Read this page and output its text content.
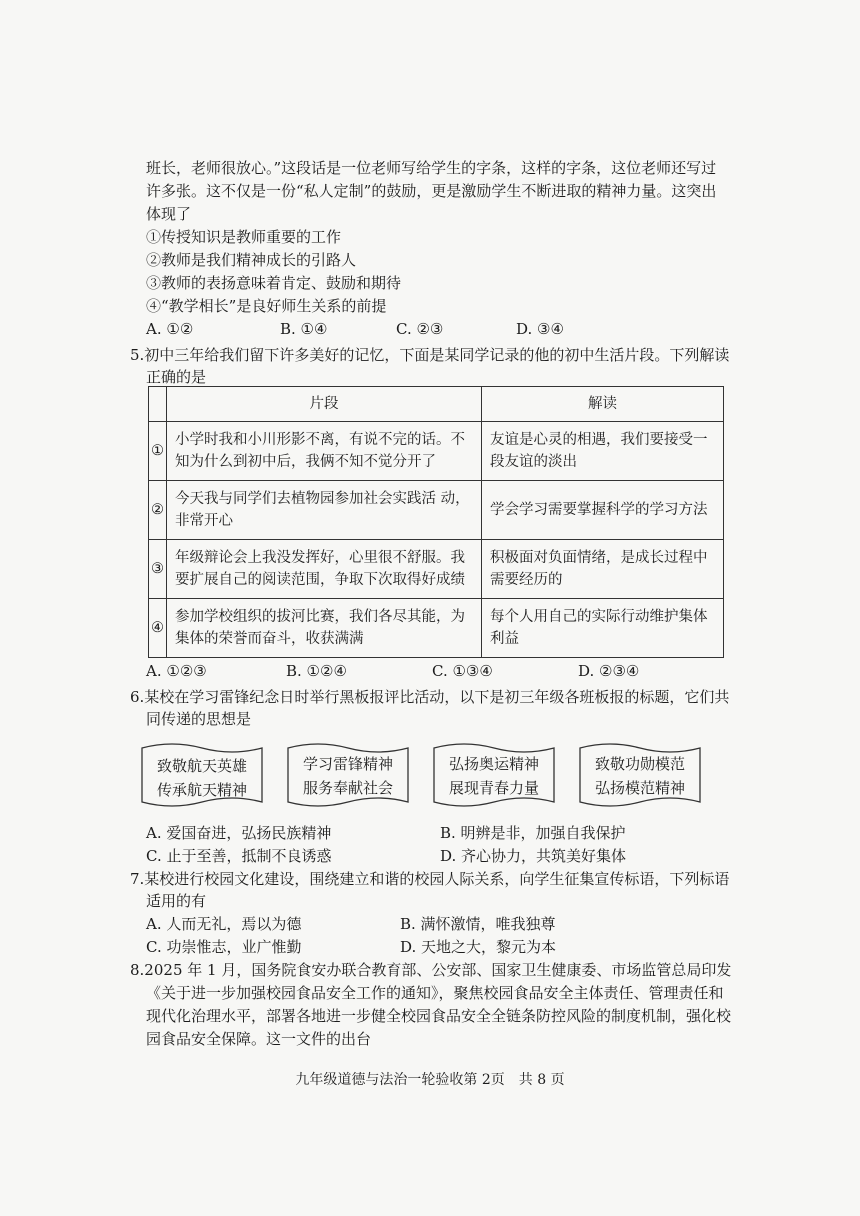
班长，老师很放心。”这段话是一位老师写给学生的字条，这样的字条，这位老师还写过
许多张。这不仅是一份“私人定制”的鼓励，更是激励学生不断进取的精神力量。这突出
体现了
①传授知识是教师重要的工作
②教师是我们精神成长的引路人
③教师的表扬意味着肯定、鼓励和期待
④“教学相长”是良好师生关系的前提
A. ①②	B. ①④	C. ②③	D. ③④
5.初中三年给我们留下许多美好的记忆，下面是某同学记录的他的初中生活片段。下列解读
正确的是
	片段	解读
①	小学时我和小川形影不离，有说不完的话。不知为什么到初中后，我俩不知不觉分开了	友谊是心灵的相遇，我们要接受一段友谊的淡出
②	今天我与同学们去植物园参加社会实践活 动，非常开心	学会学习需要掌握科学的学习方法
③	年级辩论会上我没发挥好，心里很不舒服。我要扩展自己的阅读范围，争取下次取得好成绩	积极面对负面情绪，是成长过程中需要经历的
④	参加学校组织的拔河比赛，我们各尽其能，为集体的荣誉而奋斗，收获满满	每个人用自己的实际行动维护集体利益
A. ①②③	B. ①②④	C. ①③④	D. ②③④
6.某校在学习雷锋纪念日时举行黑板报评比活动，以下是初三年级各班板报的标题，它们共
同传递的思想是
致敬航天英雄
传承航天精神
学习雷锋精神
服务奉献社会
弘扬奥运精神
展现青春力量
致敬功勋模范
弘扬模范精神
A. 爱国奋进，弘扬民族精神	B. 明辨是非，加强自我保护
C. 止于至善，抵制不良诱惑	D. 齐心协力，共筑美好集体
7.某校进行校园文化建设，围绕建立和谐的校园人际关系，向学生征集宣传标语，下列标语
适用的有
A. 人而无礼，焉以为德	B. 满怀激情，唯我独尊
C. 功崇惟志，业广惟勤	D. 天地之大，黎元为本
8.2025 年 1 月，国务院食安办联合教育部、公安部、国家卫生健康委、市场监管总局印发
《关于进一步加强校园食品安全工作的通知》，聚焦校园食品安全主体责任、管理责任和
现代化治理水平，部署各地进一步健全校园食品安全全链条防控风险的制度机制，强化校
园食品安全保障。这一文件的出台
九年级道德与法治一轮验收第 2页　共 8 页
